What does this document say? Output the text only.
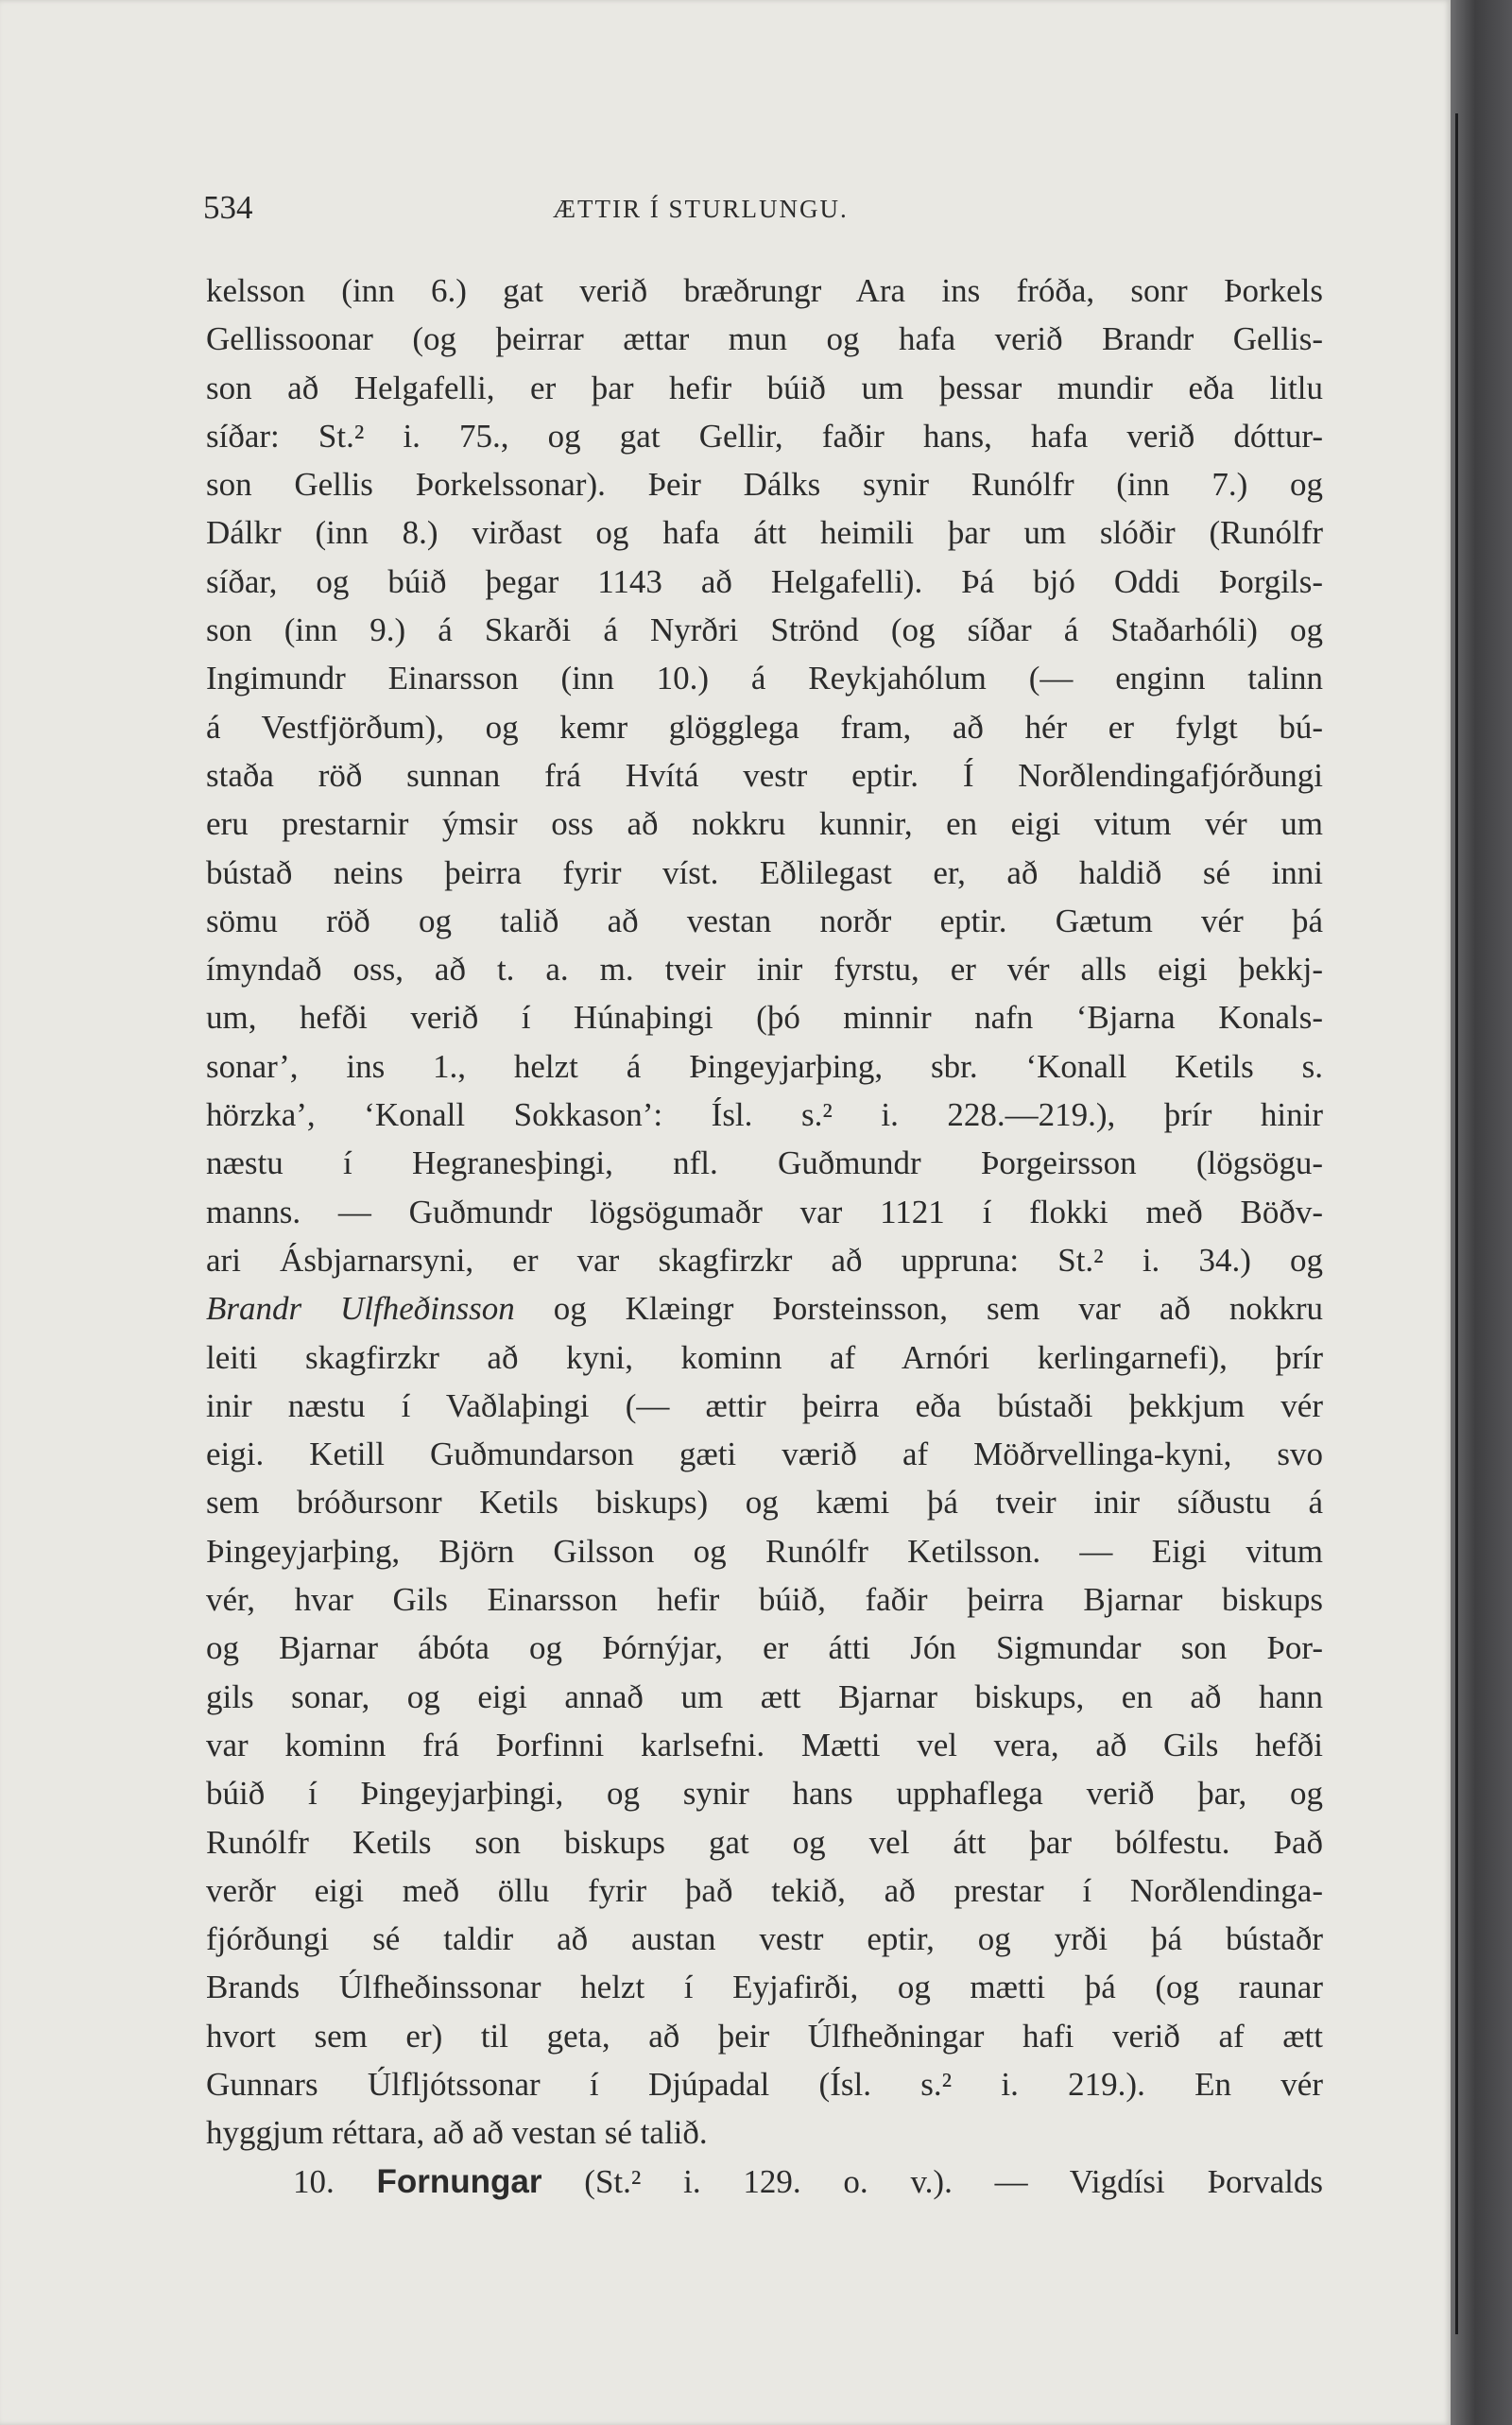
534	ÆTTIR Í STURLUNGU.
kelsson (inn 6.) gat verið bræðrungr Ara ins fróða, sonr Þorkels
Gellissoonar (og þeirrar ættar mun og hafa verið Brandr Gellis-
son að Helgafelli, er þar hefir búið um þessar mundir eða litlu
síðar: St.² i. 75., og gat Gellir, faðir hans, hafa verið dóttur-
son Gellis Þorkelssonar). Þeir Dálks synir Runólfr (inn 7.) og
Dálkr (inn 8.) virðast og hafa átt heimili þar um slóðir (Runólfr
síðar, og búið þegar 1143 að Helgafelli). Þá bjó Oddi Þorgils-
son (inn 9.) á Skarði á Nyrðri Strönd (og síðar á Staðarhóli) og
Ingimundr Einarsson (inn 10.) á Reykjahólum (— enginn talinn
á Vestfjörðum), og kemr glögglega fram, að hér er fylgt bú-
staða röð sunnan frá Hvítá vestr eptir. Í Norðlendingafjórðungi
eru prestarnir ýmsir oss að nokkru kunnir, en eigi vitum vér um
bústað neins þeirra fyrir víst. Eðlilegast er, að haldið sé inni
sömu röð og talið að vestan norðr eptir. Gætum vér þá
ímyndað oss, að t. a. m. tveir inir fyrstu, er vér alls eigi þekkj-
um, hefði verið í Húnaþingi (þó minnir nafn ‘Bjarna Konals-
sonar’, ins 1., helzt á Þingeyjarþing, sbr. ‘Konall Ketils s.
hörzka’, ‘Konall Sokkason’: Ísl. s.² i. 228.—219.), þrír hinir
næstu í Hegranesþingi, nfl. Guðmundr Þorgeirsson (lögsögu-
manns. — Guðmundr lögsögumaðr var 1121 í flokki með Böðv-
ari Ásbjarnarsyni, er var skagfirzkr að uppruna: St.² i. 34.) og
Brandr Ulfheðinsson og Klæingr Þorsteinsson, sem var að nokkru
leiti skagfirzkr að kyni, kominn af Arnóri kerlingarnefi), þrír
inir næstu í Vaðlaþingi (— ættir þeirra eða bústaði þekkjum vér
eigi. Ketill Guðmundarson gæti værið af Möðrvellinga-kyni, svo
sem bróðursonr Ketils biskups) og kæmi þá tveir inir síðustu á
Þingeyjarþing, Björn Gilsson og Runólfr Ketilsson. — Eigi vitum
vér, hvar Gils Einarsson hefir búið, faðir þeirra Bjarnar biskups
og Bjarnar ábóta og Þórnýjar, er átti Jón Sigmundar son Þor-
gils sonar, og eigi annað um ætt Bjarnar biskups, en að hann
var kominn frá Þorfinni karlsefni. Mætti vel vera, að Gils hefði
búið í Þingeyjarþingi, og synir hans upphaflega verið þar, og
Runólfr Ketils son biskups gat og vel átt þar bólfestu. Það
verðr eigi með öllu fyrir það tekið, að prestar í Norðlendinga-
fjórðungi sé taldir að austan vestr eptir, og yrði þá bústaðr
Brands Úlfheðinssonar helzt í Eyjafirði, og mætti þá (og raunar
hvort sem er) til geta, að þeir Úlfheðningar hafi verið af ætt
Gunnars Úlfljótssonar í Djúpadal (Ísl. s.² i. 219.). En vér
hyggjum réttara, að að vestan sé talið.
10. Fornungar (St.² i. 129. o. v.). — Vigdísi Þorvalds
